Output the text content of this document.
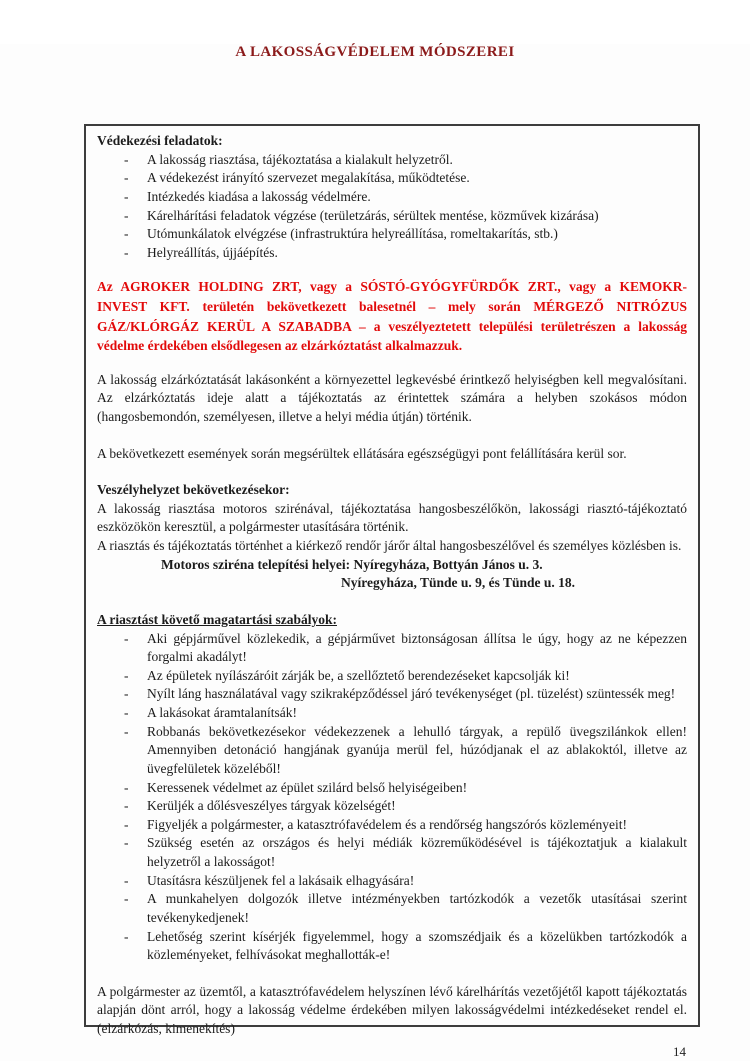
A LAKOSSÁGVÉDELEM MÓDSZEREI
Védekezési feladatok:
- A lakosság riasztása, tájékoztatása a kialakult helyzetről.
- A védekezést irányító szervezet megalakítása, működtetése.
- Intézkedés kiadása a lakosság védelmére.
- Kárelhárítási feladatok végzése (területzárás, sérültek mentése, közművek kizárása)
- Utómunkálatok elvégzése (infrastruktúra helyreállítása, romeltakarítás, stb.)
- Helyreállítás, újjáépítés.
Az AGROKER HOLDING ZRT, vagy a SÓSTÓ-GYÓGYFÜRDŐK ZRT., vagy a KEMOKR-INVEST KFT. területén bekövetkezett balesetnél – mely során MÉRGEZŐ NITRÓZUS GÁZ/KLÓRGÁZ KERÜL A SZABADBA – a veszélyeztetett települési területrészen a lakosság védelme érdekében elsődlegesen az elzárkóztatást alkalmazzuk.
A lakosság elzárkóztatását lakásonként a környezettel legkevésbé érintkező helyiségben kell megvalósítani. Az elzárkóztatás ideje alatt a tájékoztatás az érintettek számára a helyben szokásos módon (hangosbemondón, személyesen, illetve a helyi média útján) történik.
A bekövetkezett események során megsérültek ellátására egészségügyi pont felállítására kerül sor.
Veszélyhelyzet bekövetkezésekor:
A lakosság riasztása motoros szirénával, tájékoztatása hangosbeszélőkön, lakossági riasztó-tájékoztató eszközökön keresztül, a polgármester utasítására történik.
A riasztás és tájékoztatás történhet a kiérkező rendőr járőr által hangosbeszélővel és személyes közlésben is.
Motoros sziréna telepítési helyei: Nyíregyháza, Bottyán János u. 3.
Nyíregyháza, Tünde u. 9, és Tünde u. 18.
A riasztást követő magatartási szabályok:
- Aki gépjárművel közlekedik, a gépjárművet biztonságosan állítsa le úgy, hogy az ne képezzen forgalmi akadályt!
- Az épületek nyílászáróit zárják be, a szellőztető berendezéseket kapcsolják ki!
- Nyílt láng használatával vagy szikraképződéssel járó tevékenységet (pl. tüzelést) szüntessék meg!
- A lakásokat áramtalanítsák!
- Robbanás bekövetkezésekor védekezzenek a lehulló tárgyak, a repülő üvegszilánkok ellen! Amennyiben detonáció hangjának gyanúja merül fel, húzódjanak el az ablakoktól, illetve az üvegfelületek közeléből!
- Keressenek védelmet az épület szilárd belső helyiségeiben!
- Kerüljék a dőlésveszélyes tárgyak közelségét!
- Figyeljék a polgármester, a katasztrófavédelem és a rendőrség hangszórós közleményeit!
- Szükség esetén az országos és helyi médiák közreműködésével is tájékoztatjuk a kialakult helyzetről a lakosságot!
- Utasításra készüljenek fel a lakásaik elhagyására!
- A munkahelyen dolgozók illetve intézményekben tartózkodók a vezetők utasításai szerint tevékenykedjenek!
- Lehetőség szerint kísérjék figyelemmel, hogy a szomszédjaik és a közelükben tartózkodók a közleményeket, felhívásokat meghallották-e!
A polgármester az üzemtől, a katasztrófavédelem helyszínen lévő kárelhárítás vezetőjétől kapott tájékoztatás alapján dönt arról, hogy a lakosság védelme érdekében milyen lakosságvédelmi intézkedéseket rendel el. (elzárkózás, kimenekítés)
14
